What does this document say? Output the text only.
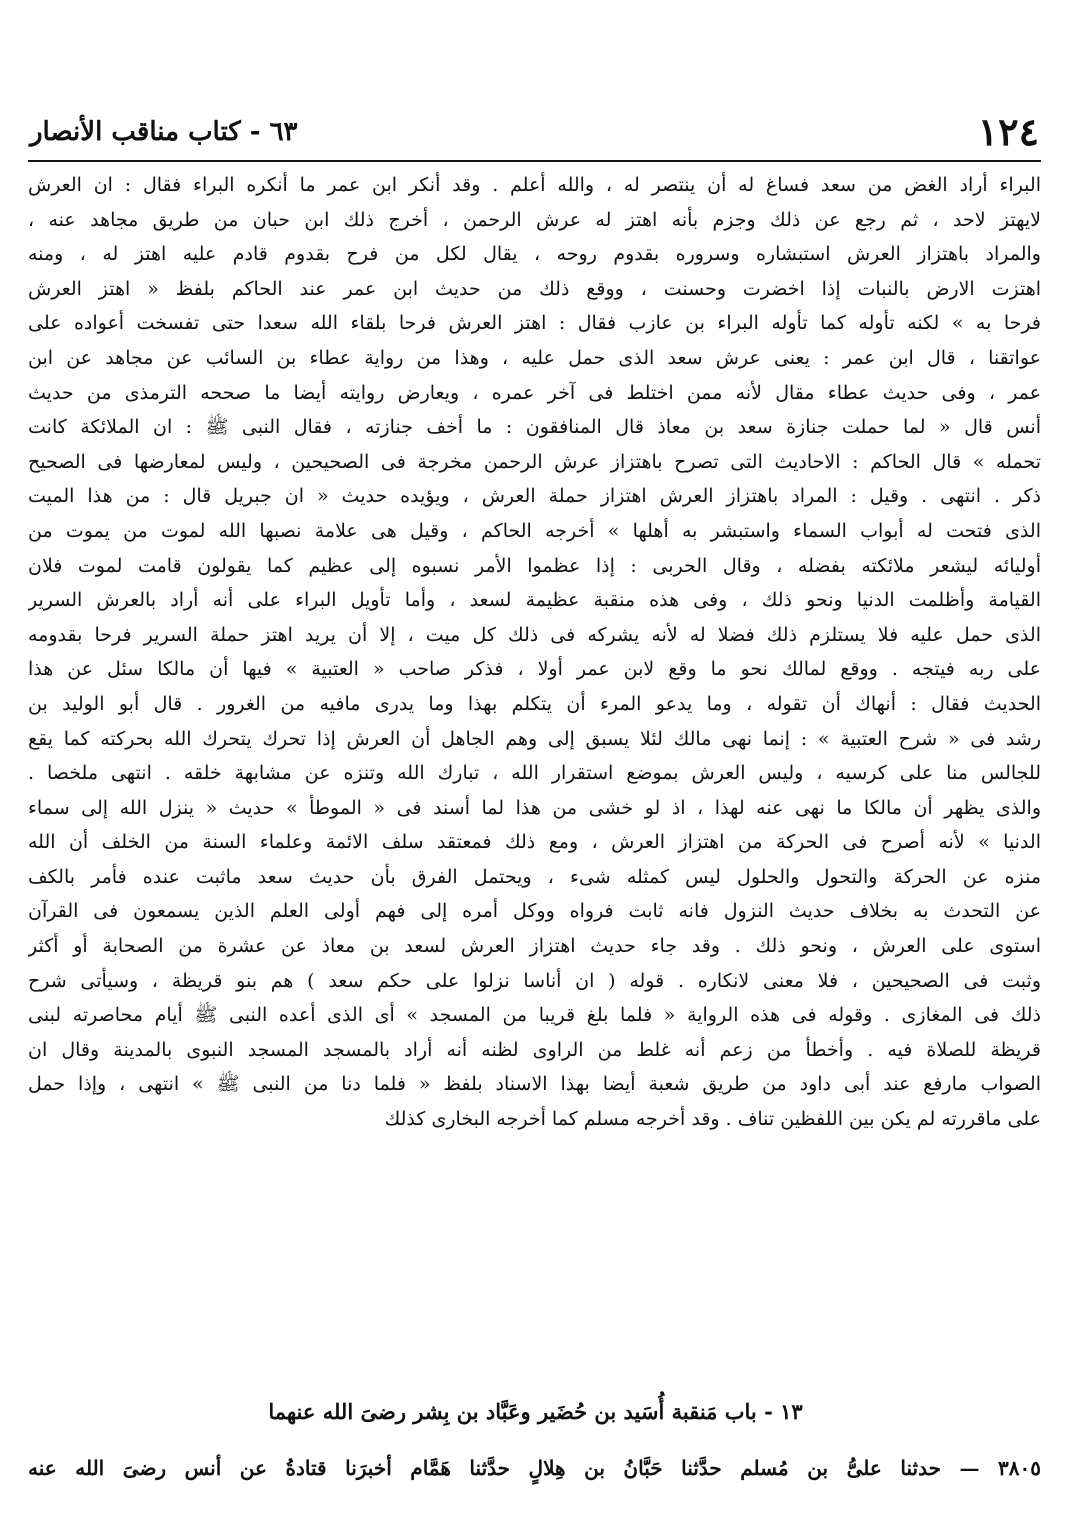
١٢٤
٦٣ - كتاب مناقب الأنصار
البراء أراد الغض من سعد فساغ له أن ينتصر له ، والله أعلم . وقد أنكر ابن عمر ما أنكره البراء فقال : ان العرش
لايهتز لاحد ، ثم رجع عن ذلك وجزم بأنه اهتز له عرش الرحمن ، أخرج ذلك ابن حبان من طريق مجاهد عنه ،
والمراد باهتزاز العرش استبشاره وسروره بقدوم روحه ، يقال لكل من فرح بقدوم قادم عليه اهتز له ، ومنه
اهتزت الارض بالنبات إذا اخضرت وحسنت ، ووقع ذلك من حديث ابن عمر عند الحاكم بلفظ « اهتز العرش
فرحا به » لكنه تأوله كما تأوله البراء بن عازب فقال : اهتز العرش فرحا بلقاء الله سعدا حتى تفسخت أعواده على
عواتقنا ، قال ابن عمر : يعنى عرش سعد الذى حمل عليه ، وهذا من رواية عطاء بن السائب عن مجاهد عن ابن
عمر ، وفى حديث عطاء مقال لأنه ممن اختلط فى آخر عمره ، ويعارض روايته أيضا ما صححه الترمذى من حديث
أنس قال « لما حملت جنازة سعد بن معاذ قال المنافقون : ما أخف جنازته ، فقال النبى ﷺ : ان الملائكة كانت
تحمله » قال الحاكم : الاحاديث التى تصرح باهتزاز عرش الرحمن مخرجة فى الصحيحين ، وليس لمعارضها فى الصحيح
ذكر . انتهى . وقيل : المراد باهتزاز العرش اهتزاز حملة العرش ، ويؤيده حديث « ان جبريل قال : من هذا الميت
الذى فتحت له أبواب السماء واستبشر به أهلها » أخرجه الحاكم ، وقيل هى علامة نصبها الله لموت من يموت من
أوليائه ليشعر ملائكته بفضله ، وقال الحربى : إذا عظموا الأمر نسبوه إلى عظيم كما يقولون قامت لموت فلان
القيامة وأظلمت الدنيا ونحو ذلك ، وفى هذه منقبة عظيمة لسعد ، وأما تأويل البراء على أنه أراد بالعرش السرير
الذى حمل عليه فلا يستلزم ذلك فضلا له لأنه يشركه فى ذلك كل ميت ، إلا أن يريد اهتز حملة السرير فرحا بقدومه
على ربه فيتجه . ووقع لمالك نحو ما وقع لابن عمر أولا ، فذكر صاحب « العتبية » فيها أن مالكا سئل عن هذا
الحديث فقال : أنهاك أن تقوله ، وما يدعو المرء أن يتكلم بهذا وما يدرى مافيه من الغرور . قال أبو الوليد بن
رشد فى « شرح العتبية » : إنما نهى مالك لئلا يسبق إلى وهم الجاهل أن العرش إذا تحرك يتحرك الله بحركته كما يقع
للجالس منا على كرسيه ، وليس العرش بموضع استقرار الله ، تبارك الله وتنزه عن مشابهة خلقه . انتهى ملخصا .
والذى يظهر أن مالكا ما نهى عنه لهذا ، اذ لو خشى من هذا لما أسند فى « الموطأ » حديث « ينزل الله إلى سماء
الدنيا » لأنه أصرح فى الحركة من اهتزاز العرش ، ومع ذلك فمعتقد سلف الائمة وعلماء السنة من الخلف أن الله
منزه عن الحركة والتحول والحلول ليس كمثله شىء ، ويحتمل الفرق بأن حديث سعد ماثبت عنده فأمر بالكف
عن التحدث به بخلاف حديث النزول فانه ثابت فرواه ووكل أمره إلى فهم أولى العلم الذين يسمعون فى القرآن
استوى على العرش ، ونحو ذلك . وقد جاء حديث اهتزاز العرش لسعد بن معاذ عن عشرة من الصحابة أو أكثر
وثبت فى الصحيحين ، فلا معنى لانكاره . قوله ( ان أناسا نزلوا على حكم سعد ) هم بنو قريظة ، وسيأتى شرح
ذلك فى المغازى . وقوله فى هذه الرواية « فلما بلغ قريبا من المسجد » أى الذى أعده النبى ﷺ أيام محاصرته لبنى
قريظة للصلاة فيه . وأخطأ من زعم أنه غلط من الراوى لظنه أنه أراد بالمسجد المسجد النبوى بالمدينة وقال ان
الصواب مارفع عند أبى داود من طريق شعبة أيضا بهذا الاسناد بلفظ « فلما دنا من النبى ﷺ » انتهى ، وإذا حمل
على ماقررته لم يكن بين اللفظين تناف . وقد أخرجه مسلم كما أخرجه البخارى كذلك
١٣ - باب مَنقبة أُسَيد بن حُضَير وعَبَّاد بن بِشر رضىَ الله عنهما
٣٨٠٥ — حدثنا علىُّ بن مُسلم حدَّثنا حَبَّانُ بن هِلالٍ حدَّثنا هَمَّام أخبرَنا قتادةُ عن أنس رضىَ الله عنه
